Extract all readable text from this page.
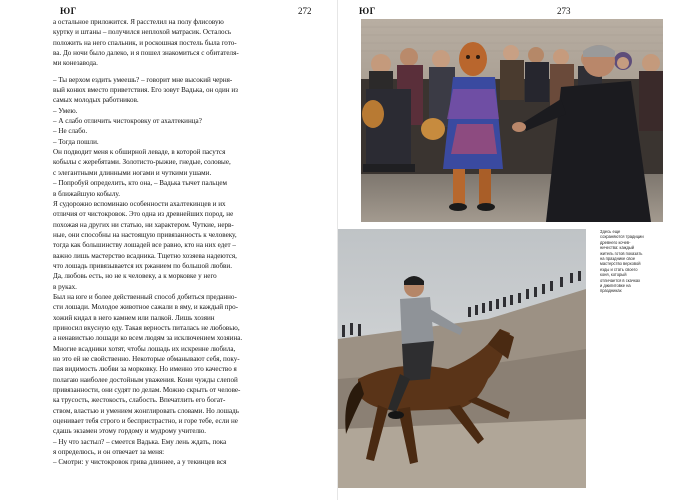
ЮГ	272

а остальное приложится. Я расстелил на полу флисовую

куртку и штаны – получился неплохой матрасик. Осталось

положить на него спальник, и роскошная постель была гото-

ва. До ночи было далеко, и я пошел знакомиться с обитателя-

ми конезавода.

– Ты верхом ездить умеешь? – говорит мне высокий черня-

вый конюх вместо приветствия. Его зовут Вадька, он один из

самых молодых работников.

– Умею.

– А слабо отличить чистокровку от ахалтекинца?

– Не слабо.

– Тогда пошли.

Он подводит меня к обширной леваде, в которой пасутся

кобылы с жеребятами. Золотисто-рыжие, гнедые, соловые,

с элегантными длинными ногами и чуткими ушами.

– Попробуй определить, кто она, – Вадька тычет пальцем

в ближайшую кобылу.

Я судорожно вспоминаю особенности ахалтекинцев и их

отличия от чистокровок. Это одна из древнейших пород, не

похожая на других ни статью, ни характером. Чуткие, нерв-

ные, они способны на настоящую привязанность к человеку,

тогда как большинству лошадей все равно, кто на них едет –

важно лишь мастерство всадника. Тщетно хозяева надеются,

что лошадь привязывается их ржанием по большой любви.

Да, любовь есть, но не к человеку, а к морковке у него

в руках.

Был на юге и более действенный способ добиться преданно-

сти лошади. Молодое животное сажали в яму, и каждый про-

хожий кидал в него камнем или палкой. Лишь хозяин

приносил вкусную еду. Такая верность питалась не любовью,

а ненавистью лошади ко всем людям за исключением хозяина.

Многие всадники хотят, чтобы лошадь их искренне любила,

но это ей не свойственно. Некоторые обманывают себя, поку-

пая видимость любви за морковку. Но именно это качество я

полагаю наиболее достойным уважения. Кони чужды слепой

привязанности, они судят по делам. Можно скрыть от челове-

ка трусость, жестокость, слабость. Впечатлить его богат-

ством, властью и умением жонглировать словами. Но лошадь

оценивает тебя строго и беспристрастно, и горе тебе, если не

сдашь экзамен этому гордому и мудрому учителю.

– Ну что застыл? – смеется Вадька. Ему лень ждать, пока

я определюсь, и он отвечает за меня:

– Смотри: у чистокровок грива длиннее, а у текинцев вся

ЮГ	273
Здесь еще
сохраняются традиции
древнего кочев-
ничества: каждый
житель готов показать
на празднике свое
мастерство верховой
езды и стать своего
коня, который
отличается в скачках
и джигитовке на
праздниках
